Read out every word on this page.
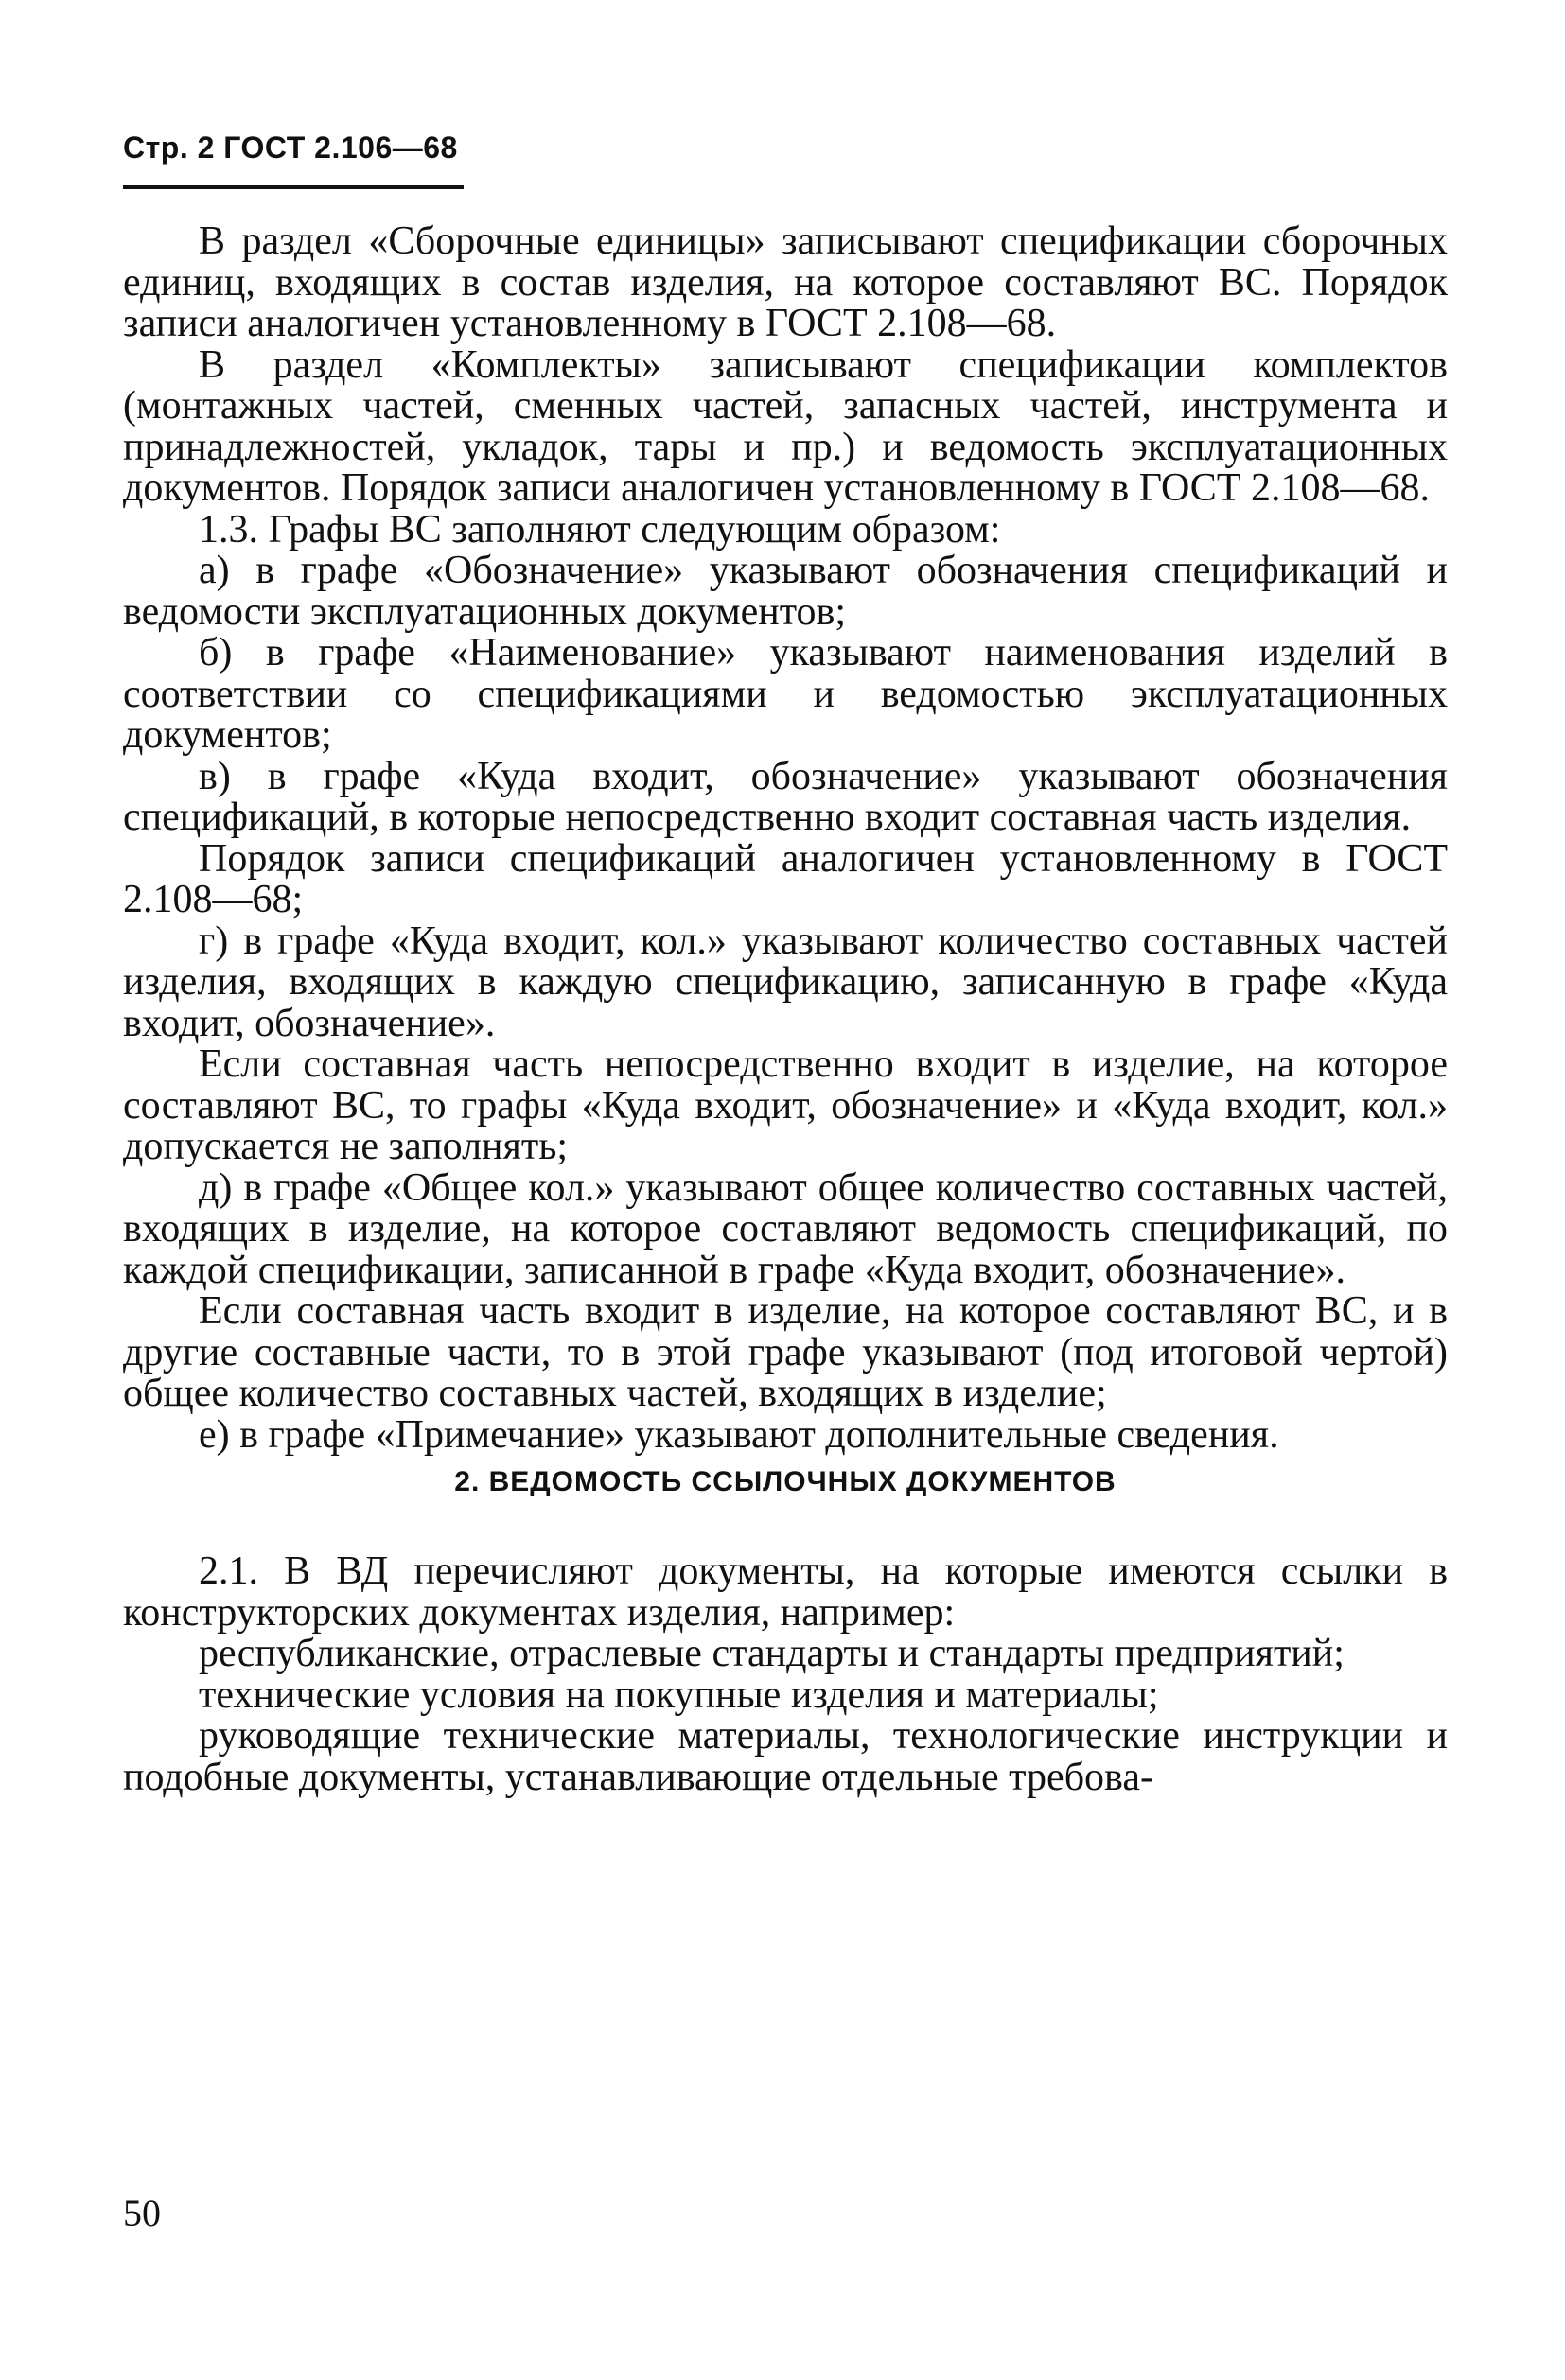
Стр. 2 ГОСТ 2.106—68

В раздел «Сборочные единицы» записывают спецификации сборочных единиц, входящих в состав изделия, на которое составляют ВС. Порядок записи аналогичен установленному в ГОСТ 2.108—68.

В раздел «Комплекты» записывают спецификации комплектов (монтажных частей, сменных частей, запасных частей, инструмента и принадлежностей, укладок, тары и пр.) и ведомость эксплуатационных документов. Порядок записи аналогичен установленному в ГОСТ 2.108—68.

1.3. Графы ВС заполняют следующим образом:

а) в графе «Обозначение» указывают обозначения спецификаций и ведомости эксплуатационных документов;

б) в графе «Наименование» указывают наименования изделий в соответствии со спецификациями и ведомостью эксплуатационных документов;

в) в графе «Куда входит, обозначение» указывают обозначения спецификаций, в которые непосредственно входит составная часть изделия.

Порядок записи спецификаций аналогичен установленному в ГОСТ 2.108—68;

г) в графе «Куда входит, кол.» указывают количество составных частей изделия, входящих в каждую спецификацию, записанную в графе «Куда входит, обозначение».

Если составная часть непосредственно входит в изделие, на которое составляют ВС, то графы «Куда входит, обозначение» и «Куда входит, кол.» допускается не заполнять;

д) в графе «Общее кол.» указывают общее количество составных частей, входящих в изделие, на которое составляют ведомость спецификаций, по каждой спецификации, записанной в графе «Куда входит, обозначение».

Если составная часть входит в изделие, на которое составляют ВС, и в другие составные части, то в этой графе указывают (под итоговой чертой) общее количество составных частей, входящих в изделие;

е) в графе «Примечание» указывают дополнительные сведения.

2. ВЕДОМОСТЬ ССЫЛОЧНЫХ ДОКУМЕНТОВ

2.1. В ВД перечисляют документы, на которые имеются ссылки в конструкторских документах изделия, например:

республиканские, отраслевые стандарты и стандарты предприятий;

технические условия на покупные изделия и материалы;

руководящие технические материалы, технологические инструкции и подобные документы, устанавливающие отдельные требова-

50
